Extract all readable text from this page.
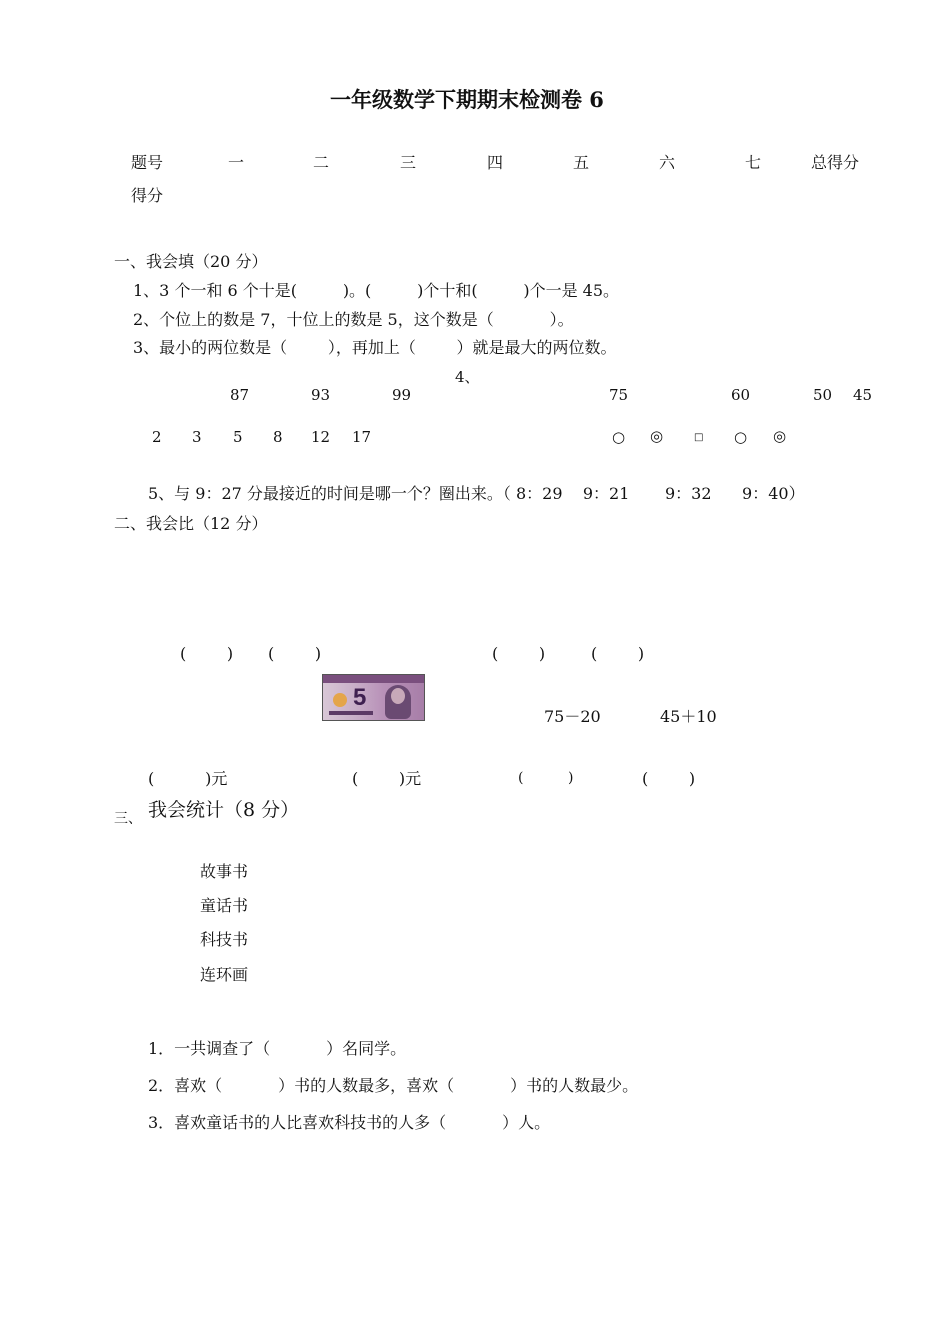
一年级数学下期期末检测卷 6
题号	一	二	三	四	五	六	七	总得分
得分
一、我会填（20 分）
1、3 个一和 6 个十是(         )。(         )个十和(         )个一是 45。
2、个位上的数是 7，十位上的数是 5，这个数是（           ）。
3、最小的两位数是（        ），再加上（        ）就是最大的两位数。
4、
87	93	99	75	60	50 45
2 3 5 8 12 17	○ ◎	□ ○ ◎
5、与 9：27 分最接近的时间是哪一个？圈出来。（ 8：29    9：21       9：32      9：40）
二、我会比（12 分）
(        ) (        )	(        )	(        )
5
75－20	45＋10
(          )元	(        )元	(          )	(        )
三、 我会统计（8 分）
故事书
童话书
科技书
连环画
1．一共调查了（           ）名同学。
2．喜欢（           ）书的人数最多，喜欢（           ）书的人数最少。
3．喜欢童话书的人比喜欢科技书的人多（           ）人。
